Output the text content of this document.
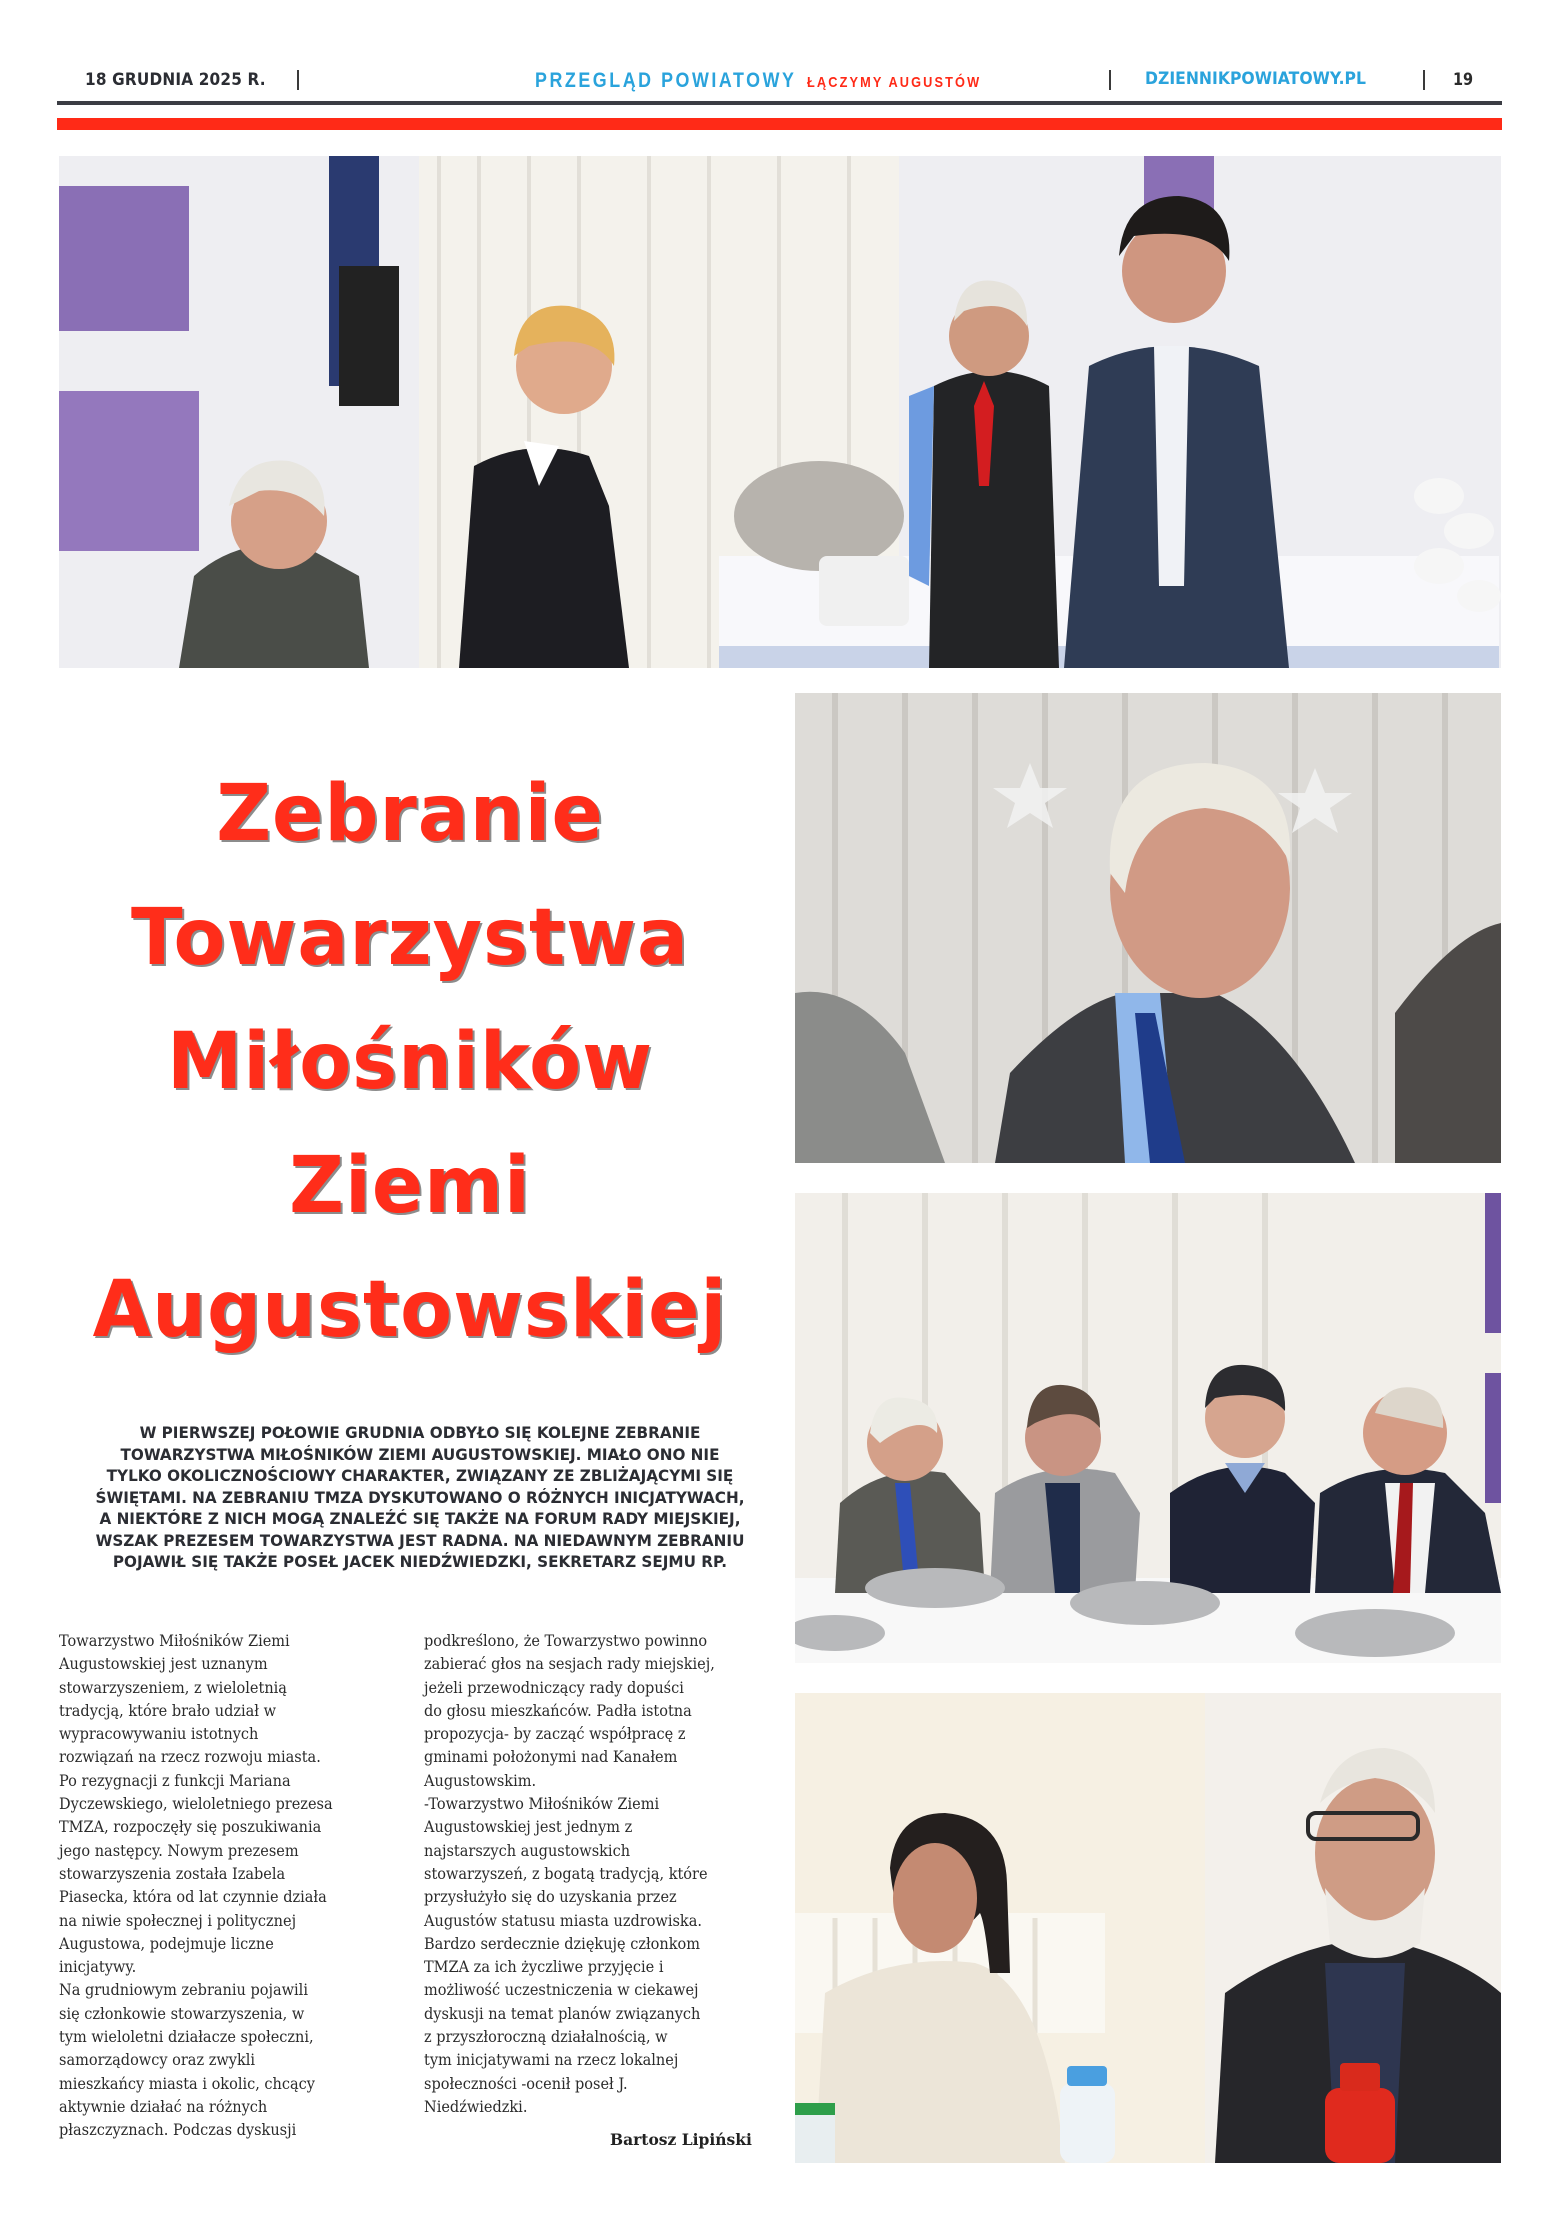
18 GRUDNIA 2025 R.	PRZEGLĄD POWIATOWY ŁĄCZYMY AUGUSTÓW	DZIENNIKPOWIATOWY.PL	19
Zebranie
Towarzystwa
Miłośników
Ziemi
Augustowskiej
W PIERWSZEJ POŁOWIE GRUDNIA ODBYŁO SIĘ KOLEJNE ZEBRANIE
TOWARZYSTWA MIŁOŚNIKÓW ZIEMI AUGUSTOWSKIEJ. MIAŁO ONO NIE
TYLKO OKOLICZNOŚCIOWY CHARAKTER, ZWIĄZANY ZE ZBLIŻAJĄCYMI SIĘ
ŚWIĘTAMI. NA ZEBRANIU TMZA DYSKUTOWANO O RÓŻNYCH INICJATYWACH,
A NIEKTÓRE Z NICH MOGĄ ZNALEŹĆ SIĘ TAKŻE NA FORUM RADY MIEJSKIEJ,
WSZAK PREZESEM TOWARZYSTWA JEST RADNA. NA NIEDAWNYM ZEBRANIU
POJAWIŁ SIĘ TAKŻE POSEŁ JACEK NIEDŹWIEDZKI, SEKRETARZ SEJMU RP.
Towarzystwo Miłośników Ziemi
Augustowskiej jest uznanym
stowarzyszeniem, z wieloletnią
tradycją, które brało udział w
wypracowywaniu istotnych
rozwiązań na rzecz rozwoju miasta.
Po rezygnacji z funkcji Mariana
Dyczewskiego, wieloletniego prezesa
TMZA, rozpoczęły się poszukiwania
jego następcy. Nowym prezesem
stowarzyszenia została Izabela
Piasecka, która od lat czynnie działa
na niwie społecznej i politycznej
Augustowa, podejmuje liczne
inicjatywy.
Na grudniowym zebraniu pojawili
się członkowie stowarzyszenia, w
tym wieloletni działacze społeczni,
samorządowcy oraz zwykli
mieszkańcy miasta i okolic, chcący
aktywnie działać na różnych
płaszczyznach. Podczas dyskusji
podkreślono, że Towarzystwo powinno
zabierać głos na sesjach rady miejskiej,
jeżeli przewodniczący rady dopuści
do głosu mieszkańców. Padła istotna
propozycja- by zacząć współpracę z
gminami położonymi nad Kanałem
Augustowskim.
-Towarzystwo Miłośników Ziemi
Augustowskiej jest jednym z
najstarszych augustowskich
stowarzyszeń, z bogatą tradycją, które
przysłużyło się do uzyskania przez
Augustów statusu miasta uzdrowiska.
Bardzo serdecznie dziękuję członkom
TMZA za ich życzliwe przyjęcie i
możliwość uczestniczenia w ciekawej
dyskusji na temat planów związanych
z przyszłoroczną działalnością, w
tym inicjatywami na rzecz lokalnej
społeczności -ocenił poseł J.
Niedźwiedzki.
Bartosz Lipiński
